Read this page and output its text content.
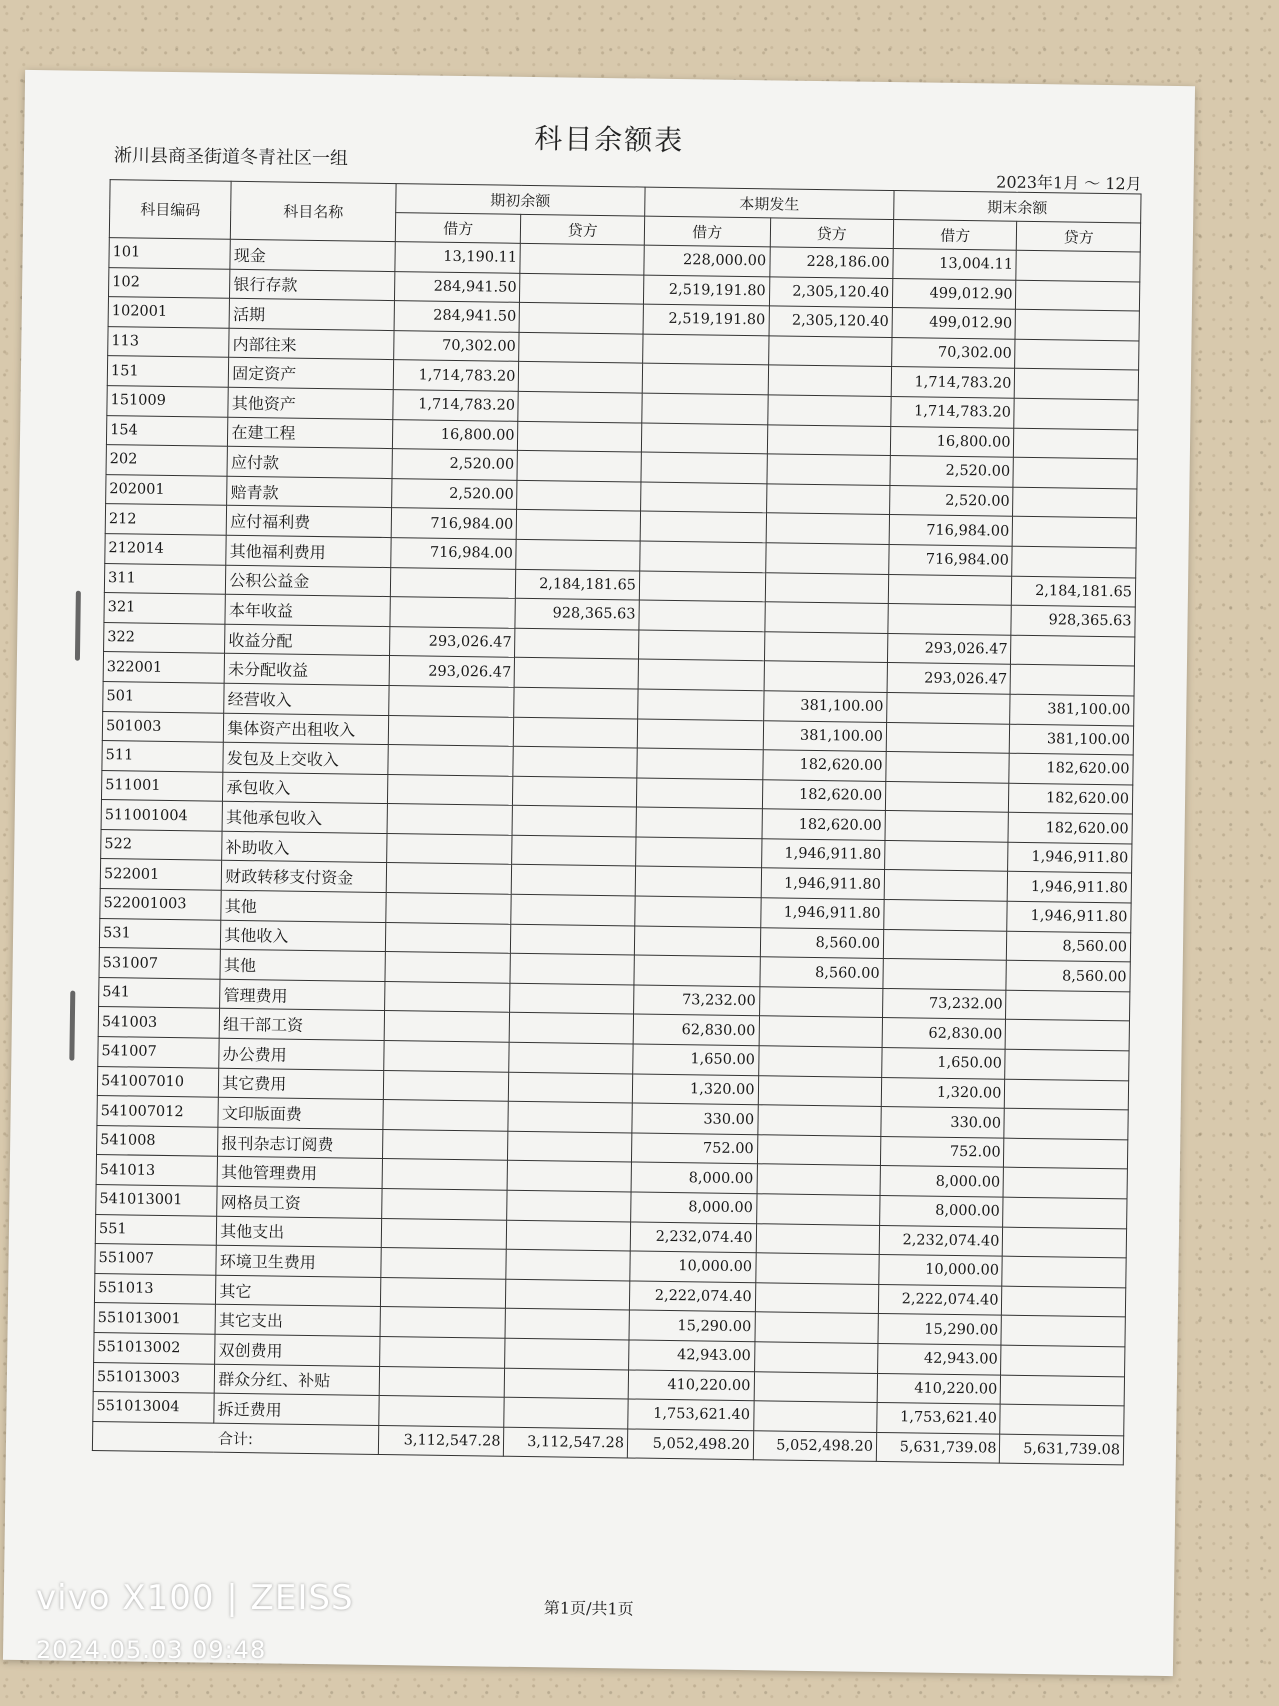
科目余额表
淅川县商圣街道冬青社区一组
2023年1月 ～ 12月
科目编码	科目名称	期初余额		本期发生		期末余额	
		借方	贷方	借方	贷方	借方	贷方
101	现金	13,190.11		228,000.00	228,186.00	13,004.11	
102	银行存款	284,941.50		2,519,191.80	2,305,120.40	499,012.90	
102001	活期	284,941.50		2,519,191.80	2,305,120.40	499,012.90	
113	内部往来	70,302.00				70,302.00	
151	固定资产	1,714,783.20				1,714,783.20	
151009	其他资产	1,714,783.20				1,714,783.20	
154	在建工程	16,800.00				16,800.00	
202	应付款	2,520.00				2,520.00	
202001	赔青款	2,520.00				2,520.00	
212	应付福利费	716,984.00				716,984.00	
212014	其他福利费用	716,984.00				716,984.00	
311	公积公益金		2,184,181.65				2,184,181.65
321	本年收益		928,365.63				928,365.63
322	收益分配	293,026.47				293,026.47	
322001	未分配收益	293,026.47				293,026.47	
501	经营收入				381,100.00		381,100.00
501003	集体资产出租收入				381,100.00		381,100.00
511	发包及上交收入				182,620.00		182,620.00
511001	承包收入				182,620.00		182,620.00
511001004	其他承包收入				182,620.00		182,620.00
522	补助收入				1,946,911.80		1,946,911.80
522001	财政转移支付资金				1,946,911.80		1,946,911.80
522001003	其他				1,946,911.80		1,946,911.80
531	其他收入				8,560.00		8,560.00
531007	其他				8,560.00		8,560.00
541	管理费用			73,232.00		73,232.00	
541003	组干部工资			62,830.00		62,830.00	
541007	办公费用			1,650.00		1,650.00	
541007010	其它费用			1,320.00		1,320.00	
541007012	文印版面费			330.00		330.00	
541008	报刊杂志订阅费			752.00		752.00	
541013	其他管理费用			8,000.00		8,000.00	
541013001	网格员工资			8,000.00		8,000.00	
551	其他支出			2,232,074.40		2,232,074.40	
551007	环境卫生费用			10,000.00		10,000.00	
551013	其它			2,222,074.40		2,222,074.40	
551013001	其它支出			15,290.00		15,290.00	
551013002	双创费用			42,943.00		42,943.00	
551013003	群众分红、补贴			410,220.00		410,220.00	
551013004	拆迁费用			1,753,621.40		1,753,621.40	
合计:		3,112,547.28	3,112,547.28	5,052,498.20	5,052,498.20	5,631,739.08	5,631,739.08
第1页/共1页
vivo X100 | ZEISS
2024.05.03 09:48
